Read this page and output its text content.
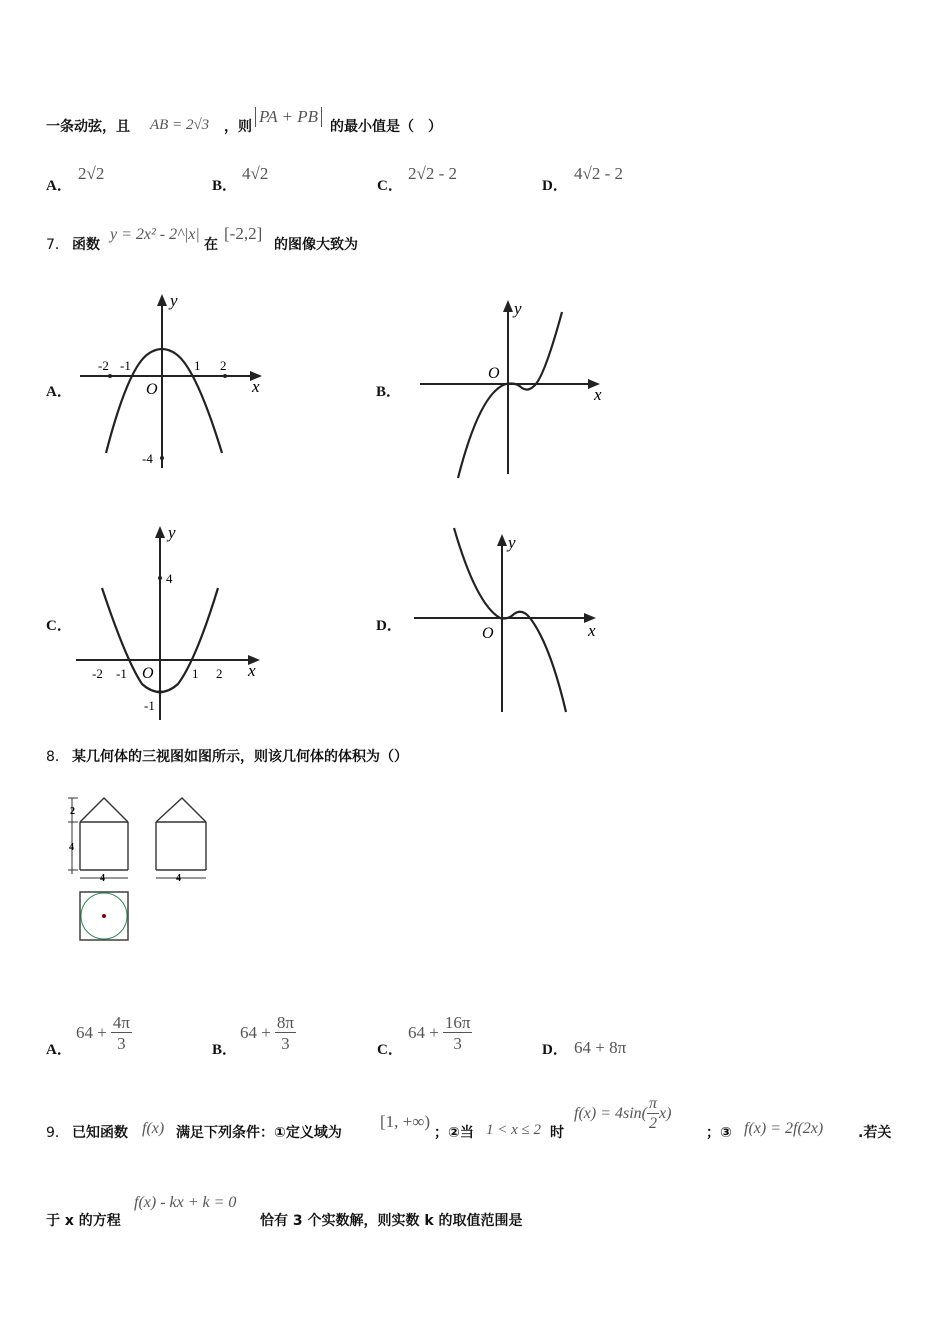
一条动弦，且 AB = 2√3 ，则
PA + PB
的最小值是（　）
A．
2√2
B．
4√2
C．
2√2 - 2
D．
4√2 - 2
7． 函数
y = 2x² - 2^|x|
在
[-2,2]
的图像大致为
A．
-2 -1	1 2
-4
O	x
y
B．
O
x
y
C．
-2 -1	1 2
4
-1
O	x
y
D．	O	x
y
8． 某几何体的三视图如图所示，则该几何体的体积为（）
2
4
4	4
A．
$64 + \frac{4\pi}{3}$	B．
$64 + \frac{8\pi}{3}$	C．
$64 + \frac{16\pi}{3}$	D． 64 + 8π
9． 已知函数 f(x) 满足下列条件：①定义域为
[1, +∞)
；②当 1 < x ≤ 2 时
$f(x) = 4\sin( \frac{\pi}{2} x)$
；③ f(x) = 2f(2x) .若关
于 x 的方程
f(x) - kx + k = 0
恰有 3 个实数解，则实数 k 的取值范围是
